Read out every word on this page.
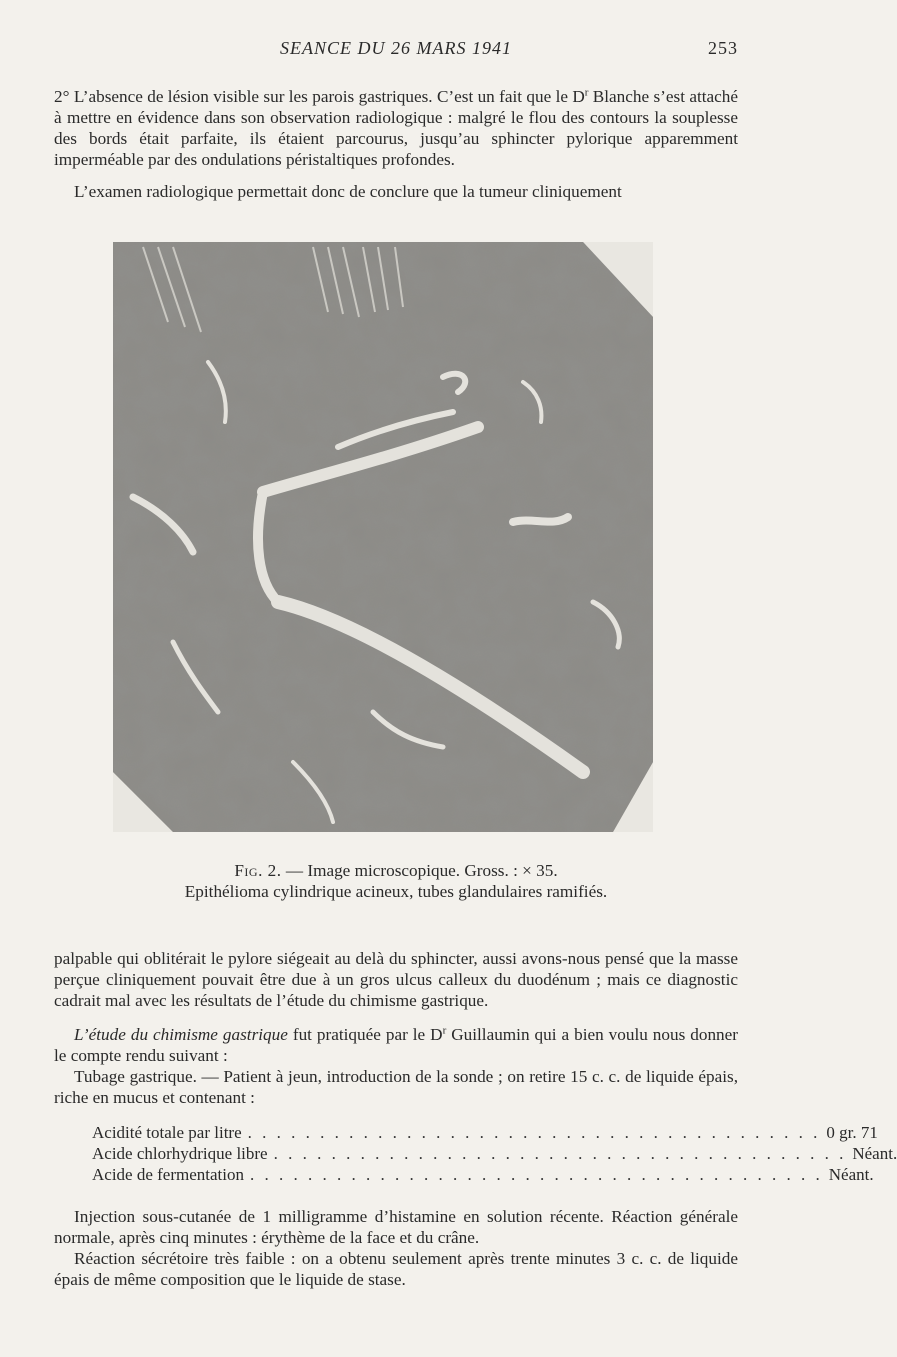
SEANCE DU 26 MARS 1941	253

2° L’absence de lésion visible sur les parois gastriques. C’est un fait que le $D^r$ Blanche s’est attaché à mettre en évidence dans son observation radiologique : malgré le flou des contours la souplesse des bords était parfaite, ils étaient parcourus, jusqu’au sphincter pylorique apparemment imperméable par des ondulations péristaltiques profondes.

L’examen radiologique permettait donc de conclure que la tumeur cliniquement

Fig. 2. — Image microscopique. Gross. : × 35.
Epithélioma cylindrique acineux, tubes glandulaires ramifiés.

palpable qui oblitérait le pylore siégeait au delà du sphincter, aussi avons-nous pensé que la masse perçue cliniquement pouvait être due à un gros ulcus calleux du duodénum ; mais ce diagnostic cadrait mal avec les résultats de l’étude du chimisme gastrique.

L’étude du chimisme gastrique fut pratiquée par le $D^r$ Guillaumin qui a bien voulu nous donner le compte rendu suivant :

Tubage gastrique. — Patient à jeun, introduction de la sonde ; on retire 15 c. c. de liquide épais, riche en mucus et contenant :

Acidité totale par litre . . . . . . . . . . . . . . . . . . . . . . . . . . . . . . . . . . . . . . . . 0 gr. 71
Acide chlorhydrique libre . . . . . . . . . . . . . . . . . . . . . . . . . . . . . . . . . . . . . . . . Néant.
Acide de fermentation . . . . . . . . . . . . . . . . . . . . . . . . . . . . . . . . . . . . . . . . Néant.

Injection sous-cutanée de 1 milligramme d’histamine en solution récente. Réaction générale normale, après cinq minutes : érythème de la face et du crâne.

Réaction sécrétoire très faible : on a obtenu seulement après trente minutes 3 c. c. de liquide épais de même composition que le liquide de stase.
